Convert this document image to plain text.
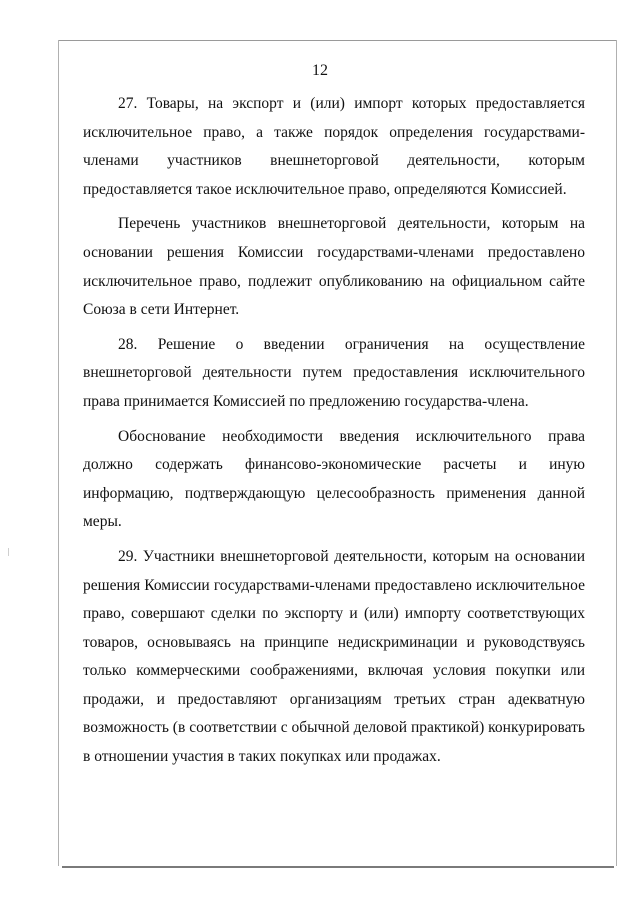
12

27. Товары, на экспорт и (или) импорт которых предоставляется исключительное право, а также порядок определения государствами-членами участников внешнеторговой деятельности, которым предоставляется такое исключительное право, определяются Комиссией.

Перечень участников внешнеторговой деятельности, которым на основании решения Комиссии государствами-членами предоставлено исключительное право, подлежит опубликованию на официальном сайте Союза в сети Интернет.

28. Решение о введении ограничения на осуществление внешнеторговой деятельности путем предоставления исключительного права принимается Комиссией по предложению государства-члена.

Обоснование необходимости введения исключительного права должно содержать финансово-экономические расчеты и иную информацию, подтверждающую целесообразность применения данной меры.

29. Участники внешнеторговой деятельности, которым на основании решения Комиссии государствами-членами предоставлено исключительное право, совершают сделки по экспорту и (или) импорту соответствующих товаров, основываясь на принципе недискриминации и руководствуясь только коммерческими соображениями, включая условия покупки или продажи, и предоставляют организациям третьих стран адекватную возможность (в соответствии с обычной деловой практикой) конкурировать в отношении участия в таких покупках или продажах.
